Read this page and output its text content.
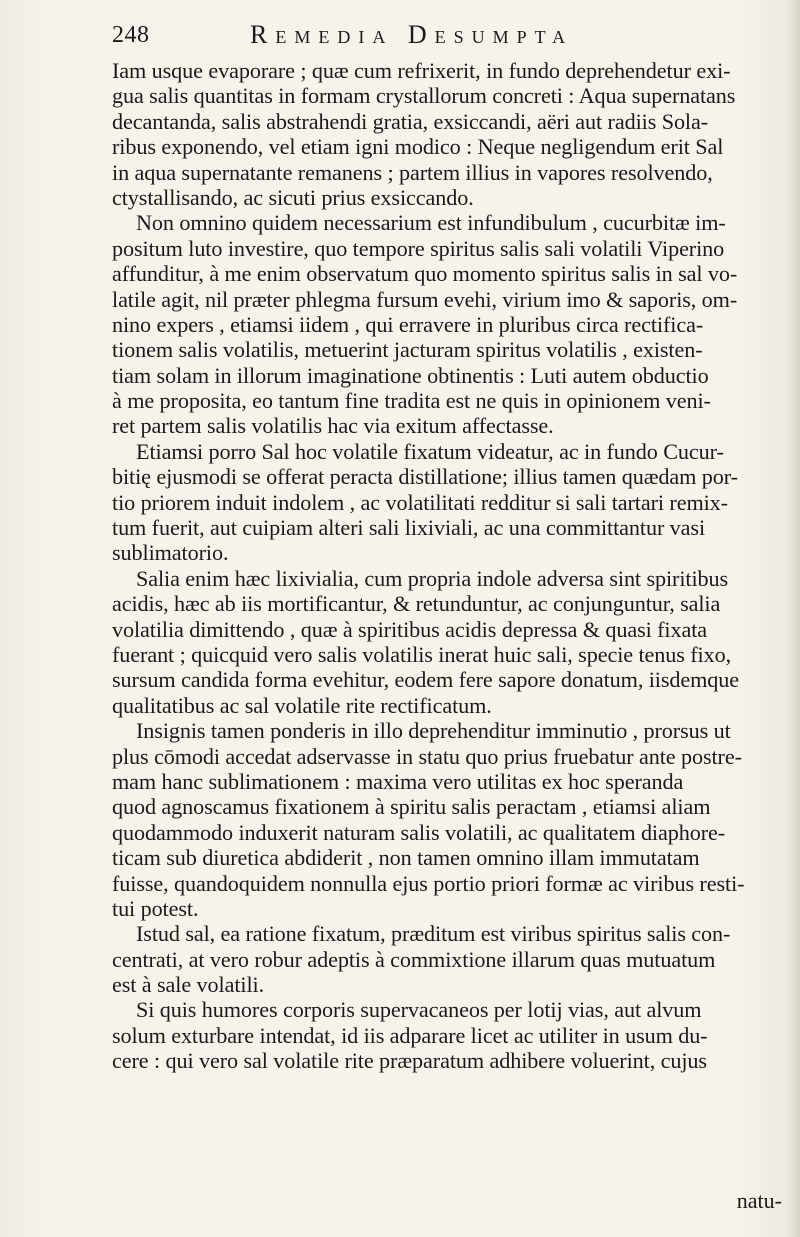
248	Remedia Desumpta
Iam usque evaporare ; quæ cum refrixerit, in fundo deprehendetur exi-
gua salis quantitas in formam crystallorum concreti : Aqua supernatans
decantanda, salis abstrahendi gratia, exsiccandi, aëri aut radiis Sola-
ribus exponendo, vel etiam igni modico : Neque negligendum erit Sal
in aqua supernatante remanens ; partem illius in vapores resolvendo,
ctystallisando, ac sicuti prius exsiccando.
Non omnino quidem necessarium est infundibulum , cucurbitæ im-
positum luto investire, quo tempore spiritus salis sali volatili Viperino
affunditur, à me enim observatum quo momento spiritus salis in sal vo-
latile agit, nil præter phlegma fursum evehi, virium imo & saporis, om-
nino expers , etiamsi iidem , qui erravere in pluribus circa rectifica-
tionem salis volatilis, metuerint jacturam spiritus volatilis , existen-
tiam solam in illorum imaginatione obtinentis : Luti autem obductio
à me proposita, eo tantum fine tradita est ne quis in opinionem veni-
ret partem salis volatilis hac via exitum affectasse.
Etiamsi porro Sal hoc volatile fixatum videatur, ac in fundo Cucur-
bitię ejusmodi se offerat peracta distillatione; illius tamen quædam por-
tio priorem induit indolem , ac volatilitati redditur si sali tartari remix-
tum fuerit, aut cuipiam alteri sali lixiviali, ac una committantur vasi
sublimatorio.
Salia enim hæc lixivialia, cum propria indole adversa sint spiritibus
acidis, hæc ab iis mortificantur, & retunduntur, ac conjunguntur, salia
volatilia dimittendo , quæ à spiritibus acidis depressa & quasi fixata
fuerant ; quicquid vero salis volatilis inerat huic sali, specie tenus fixo,
sursum candida forma evehitur, eodem fere sapore donatum, iisdemque
qualitatibus ac sal volatile rite rectificatum.
Insignis tamen ponderis in illo deprehenditur imminutio , prorsus ut
plus cōmodi accedat adservasse in statu quo prius fruebatur ante postre-
mam hanc sublimationem : maxima vero utilitas ex hoc speranda
quod agnoscamus fixationem à spiritu salis peractam , etiamsi aliam
quodammodo induxerit naturam salis volatili, ac qualitatem diaphore-
ticam sub diuretica abdiderit , non tamen omnino illam immutatam
fuisse, quandoquidem nonnulla ejus portio priori formæ ac viribus resti-
tui potest.
Istud sal, ea ratione fixatum, præditum est viribus spiritus salis con-
centrati, at vero robur adeptis à commixtione illarum quas mutuatum
est à sale volatili.
Si quis humores corporis supervacaneos per lotij vias, aut alvum
solum exturbare intendat, id iis adparare licet ac utiliter in usum du-
cere : qui vero sal volatile rite præparatum adhibere voluerint, cujus
natu-
